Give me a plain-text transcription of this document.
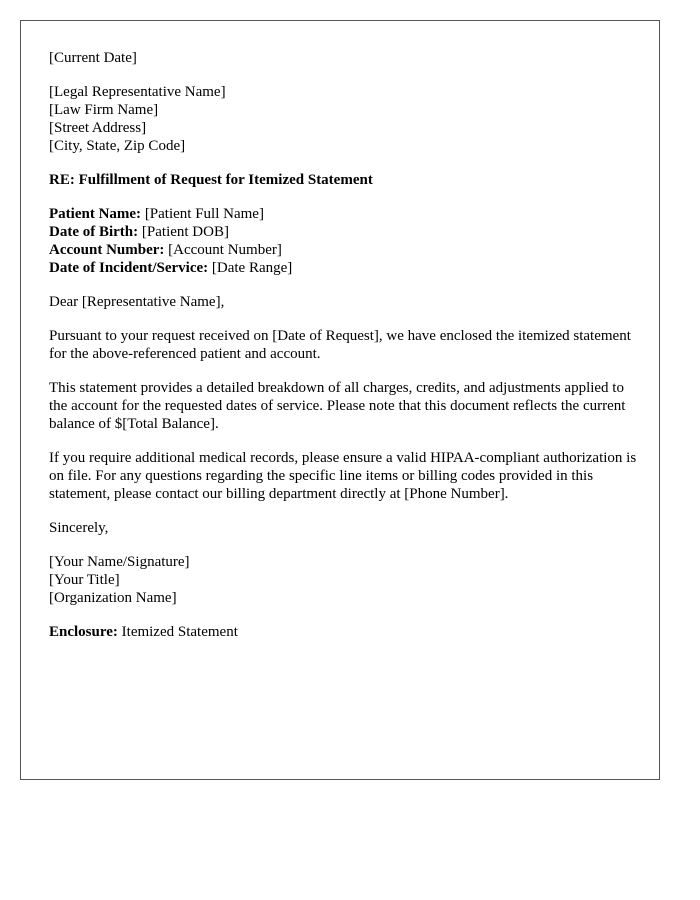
[Current Date]
[Legal Representative Name]
[Law Firm Name]
[Street Address]
[City, State, Zip Code]
RE: Fulfillment of Request for Itemized Statement
Patient Name: [Patient Full Name]
Date of Birth: [Patient DOB]
Account Number: [Account Number]
Date of Incident/Service: [Date Range]
Dear [Representative Name],

Pursuant to your request received on [Date of Request], we have enclosed the itemized statement for the above-referenced patient and account.

This statement provides a detailed breakdown of all charges, credits, and adjustments applied to the account for the requested dates of service. Please note that this document reflects the current balance of $[Total Balance].

If you require additional medical records, please ensure a valid HIPAA-compliant authorization is on file. For any questions regarding the specific line items or billing codes provided in this statement, please contact our billing department directly at [Phone Number].

Sincerely,
[Your Name/Signature]
[Your Title]
[Organization Name]
Enclosure: Itemized Statement
